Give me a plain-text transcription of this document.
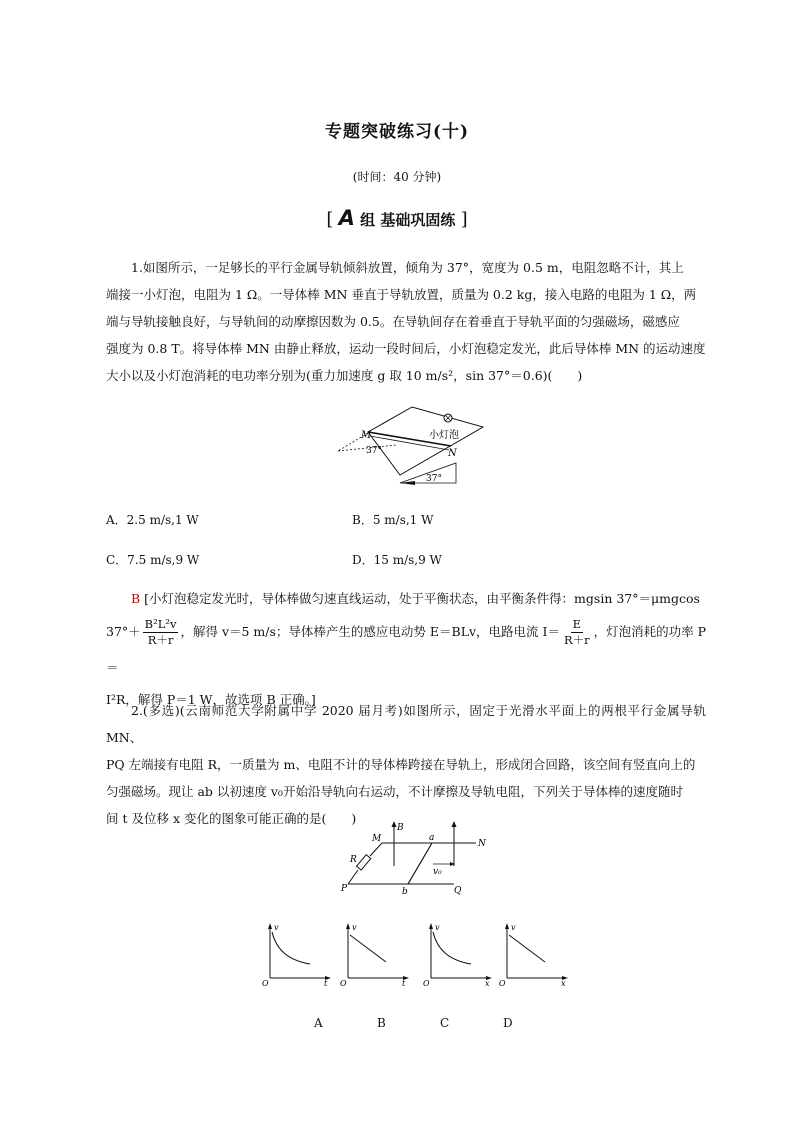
专题突破练习(十)
(时间：40 分钟)
[ A 组 基础巩固练 ]
1.如图所示，一足够长的平行金属导轨倾斜放置，倾角为 37°，宽度为 0.5 m，电阻忽略不计，其上
端接一小灯泡，电阻为 1 Ω。一导体棒 MN 垂直于导轨放置，质量为 0.2 kg，接入电路的电阻为 1 Ω，两
端与导轨接触良好，与导轨间的动摩擦因数为 0.5。在导轨间存在着垂直于导轨平面的匀强磁场，磁感应
强度为 0.8 T。将导体棒 MN 由静止释放，运动一段时间后，小灯泡稳定发光，此后导体棒 MN 的运动速度
大小以及小灯泡消耗的电功率分别为(重力加速度 g 取 10 m/s²，sin 37°＝0.6)(　　)
小灯泡
M
N
37°
37°
A．2.5 m/s,1 W	B．5 m/s,1 W
C．7.5 m/s,9 W	D．15 m/s,9 W
B [小灯泡稳定发光时，导体棒做匀速直线运动，处于平衡状态，由平衡条件得：mgsin 37°＝μmgcos
$37^\circ+ \frac{\text{B²L²v}}{R+r}$ ，解得 v＝5 m/s；导体棒产生的感应电动势 E＝BLv，电路电流 $I= \frac{E}{R+r}$ ，灯泡消耗的功率 P＝
I²R，解得 P＝1 W，故选项 B 正确。]
2.(多选)(云南师范大学附属中学 2020 届月考)如图所示，固定于光滑水平面上的两根平行金属导轨 MN、
PQ 左端接有电阻 R，一质量为 m、电阻不计的导体棒跨接在导轨上，形成闭合回路，该空间有竖直向上的
匀强磁场。现让 ab 以初速度 v₀开始沿导轨向右运动，不计摩擦及导轨电阻，下列关于导体棒的速度随时
间 t 及位移 x 变化的图象可能正确的是(　　)
M	N
P	Q
R
a
b
B
v₀
v
t
O
A
v
t
O
B
v
x
O
C
v
x
O
D
